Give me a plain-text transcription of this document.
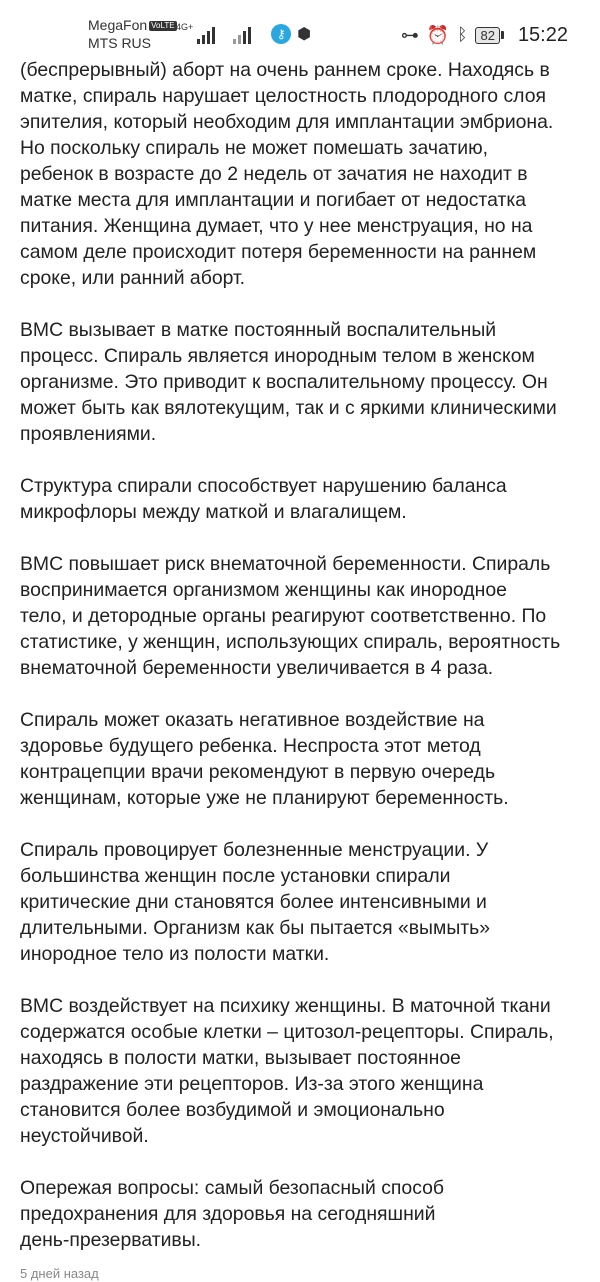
MegaFon VoLTE
MTS RUS
4G+	⚷ ⬢	⊶ ⏰ ᛒ	82 15:22

(беспрерывный) аборт на очень раннем сроке. Находясь в
матке, спираль нарушает целостность плодородного слоя
эпителия, который необходим для имплантации эмбриона.
Но поскольку спираль не может помешать зачатию,
ребенок в возрасте до 2 недель от зачатия не находит в
матке места для имплантации и погибает от недостатка
питания. Женщина думает, что у нее менструация, но на
самом деле происходит потеря беременности на раннем
сроке, или ранний аборт.

ВМС вызывает в матке постоянный воспалительный
процесс. Спираль является инородным телом в женском
организме. Это приводит к воспалительному процессу. Он
может быть как вялотекущим, так и с яркими клиническими
проявлениями.

Структура спирали способствует нарушению баланса
микрофлоры между маткой и влагалищем.

ВМС повышает риск внематочной беременности. Спираль
воспринимается организмом женщины как инородное
тело, и детородные органы реагируют соответственно. По
статистике, у женщин, использующих спираль, вероятность
внематочной беременности увеличивается в 4 раза.

Спираль может оказать негативное воздействие на
здоровье будущего ребенка. Неспроста этот метод
контрацепции врачи рекомендуют в первую очередь
женщинам, которые уже не планируют беременность.

Спираль провоцирует болезненные менструации. У
большинства женщин после установки спирали
критические дни становятся более интенсивными и
длительными. Организм как бы пытается «вымыть»
инородное тело из полости матки.

ВМС воздействует на психику женщины. В маточной ткани
содержатся особые клетки – цитозол-рецепторы. Спираль,
находясь в полости матки, вызывает постоянное
раздражение эти рецепторов. Из-за этого женщина
становится более возбудимой и эмоционально
неустойчивой.

Опережая вопросы: самый безопасный способ
предохранения для здоровья на сегодняшний
день-презервативы.

5 дней назад
